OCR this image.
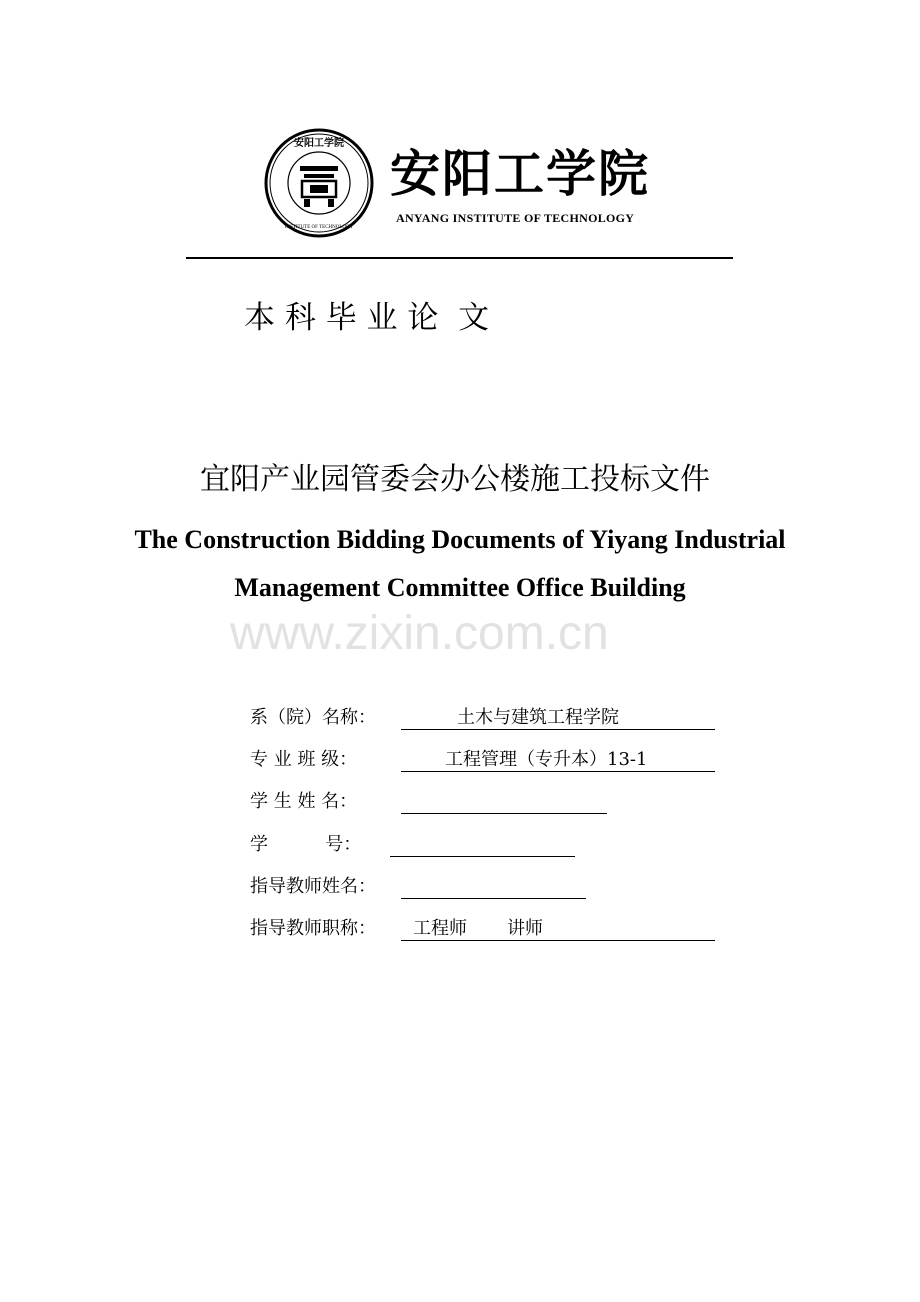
安阳工学院
INSTITUTE OF TECHNOLOGY
安阳工学院
ANYANG INSTITUTE OF TECHNOLOGY
本 科 毕 业 论  文
宜阳产业园管委会办公楼施工投标文件
The Construction Bidding Documents of Yiyang Industrial
Management Committee Office Building
www.zixin.com.cn
系（院）名称：	土木与建筑工程学院
专 业 班 级：	工程管理（专升本）13-1
学 生 姓 名：
学          号：
指导教师姓名：
指导教师职称： 工程师       讲师
